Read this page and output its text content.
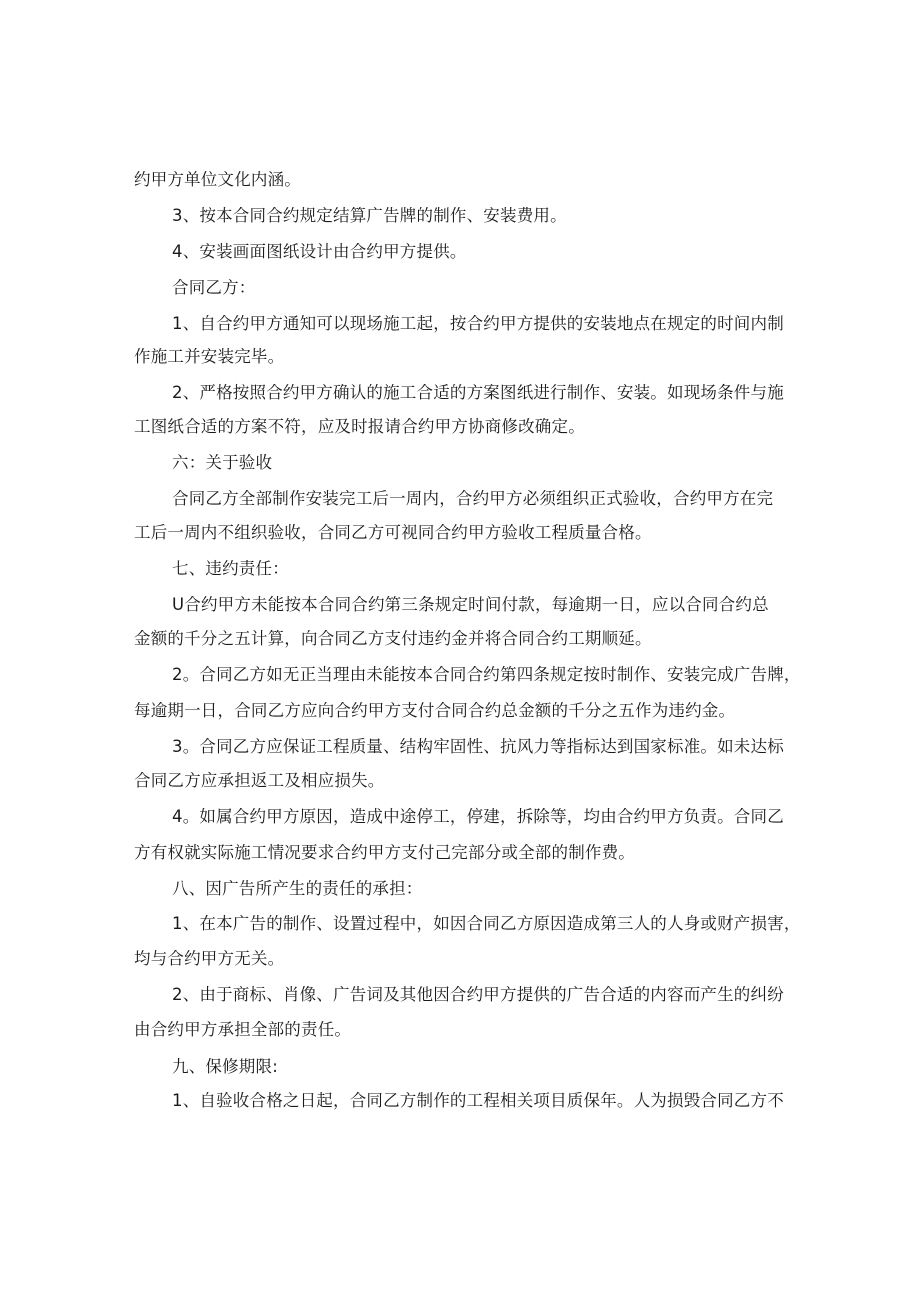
约甲方单位文化内涵。
3、按本合同合约规定结算广告牌的制作、安装费用。
4、安装画面图纸设计由合约甲方提供。
合同乙方：
1、自合约甲方通知可以现场施工起，按合约甲方提供的安装地点在规定的时间内制
作施工并安装完毕。
2、严格按照合约甲方确认的施工合适的方案图纸进行制作、安装。如现场条件与施
工图纸合适的方案不符，应及时报请合约甲方协商修改确定。
六：关于验收
合同乙方全部制作安装完工后一周内，合约甲方必须组织正式验收，合约甲方在完
工后一周内不组织验收，合同乙方可视同合约甲方验收工程质量合格。
七、违约责任：
U合约甲方未能按本合同合约第三条规定时间付款，每逾期一日，应以合同合约总
金额的千分之五计算，向合同乙方支付违约金并将合同合约工期顺延。
2。合同乙方如无正当理由未能按本合同合约第四条规定按时制作、安装完成广告牌，
每逾期一日，合同乙方应向合约甲方支付合同合约总金额的千分之五作为违约金。
3。合同乙方应保证工程质量、结构牢固性、抗风力等指标达到国家标准。如未达标
合同乙方应承担返工及相应损失。
4。如属合约甲方原因，造成中途停工，停建，拆除等，均由合约甲方负责。合同乙
方有权就实际施工情况要求合约甲方支付己完部分或全部的制作费。
八、因广告所产生的责任的承担：
1、在本广告的制作、设置过程中，如因合同乙方原因造成第三人的人身或财产损害，
均与合约甲方无关。
2、由于商标、肖像、广告词及其他因合约甲方提供的广告合适的内容而产生的纠纷
由合约甲方承担全部的责任。
九、保修期限:
1、自验收合格之日起，合同乙方制作的工程相关项目质保年。人为损毁合同乙方不
